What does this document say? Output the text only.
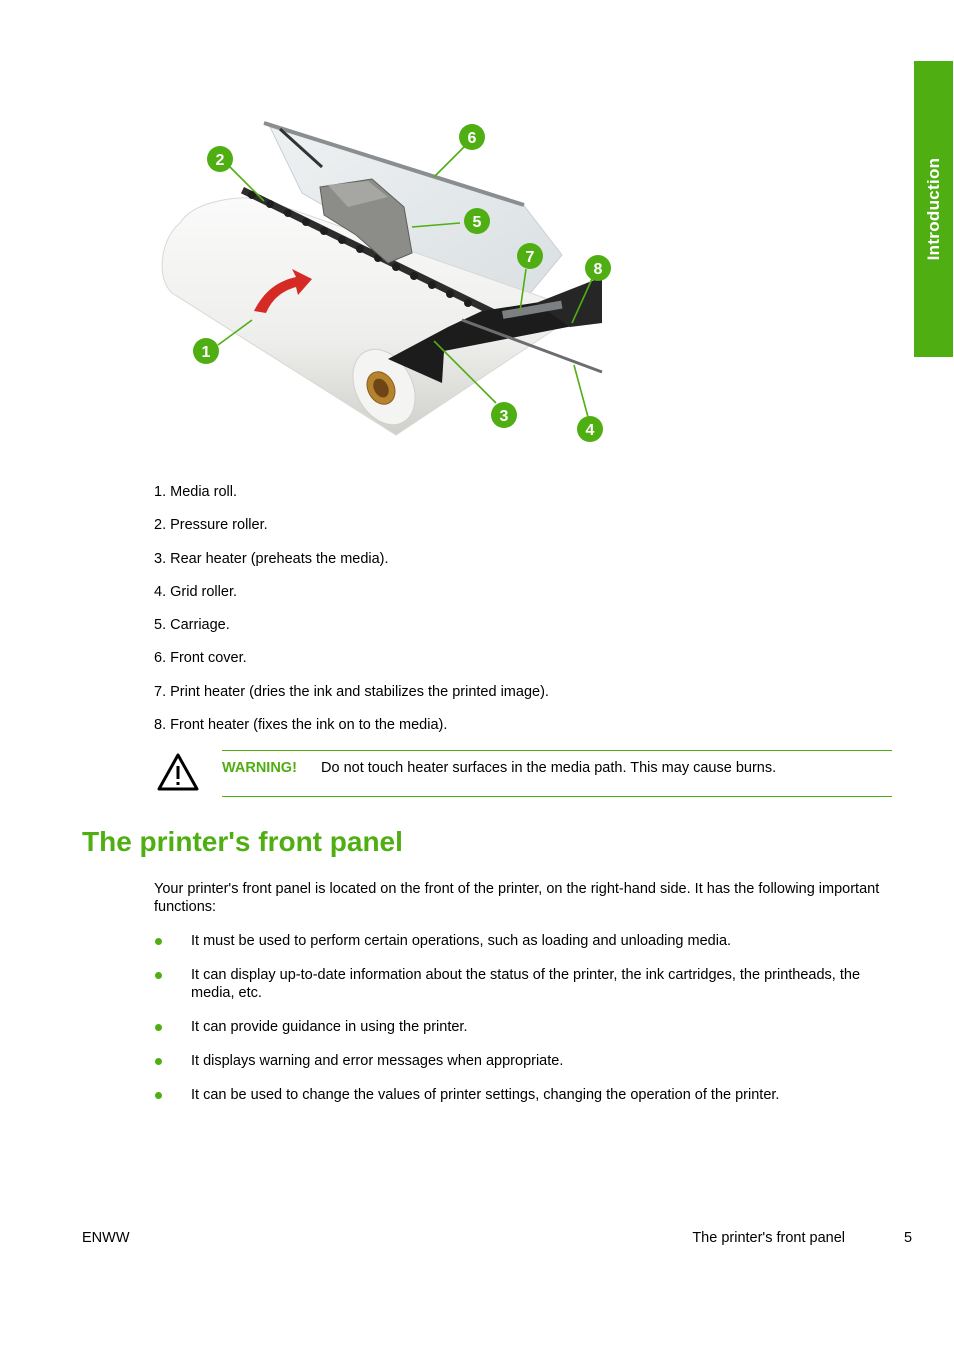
Introduction
1
2
3
4
5
6
7
8
1. Media roll.
2. Pressure roller.
3. Rear heater (preheats the media).
4. Grid roller.
5. Carriage.
6. Front cover.
7. Print heater (dries the ink and stabilizes the printed image).
8. Front heater (fixes the ink on to the media).
WARNING! Do not touch heater surfaces in the media path. This may cause burns.
The printer's front panel

Your printer's front panel is located on the front of the printer, on the right-hand side. It has the following important functions:

It must be used to perform certain operations, such as loading and unloading media.
It can display up-to-date information about the status of the printer, the ink cartridges, the printheads, the media, etc.
It can provide guidance in using the printer.
It displays warning and error messages when appropriate.
It can be used to change the values of printer settings, changing the operation of the printer.
ENWW	The printer's front panel	5
